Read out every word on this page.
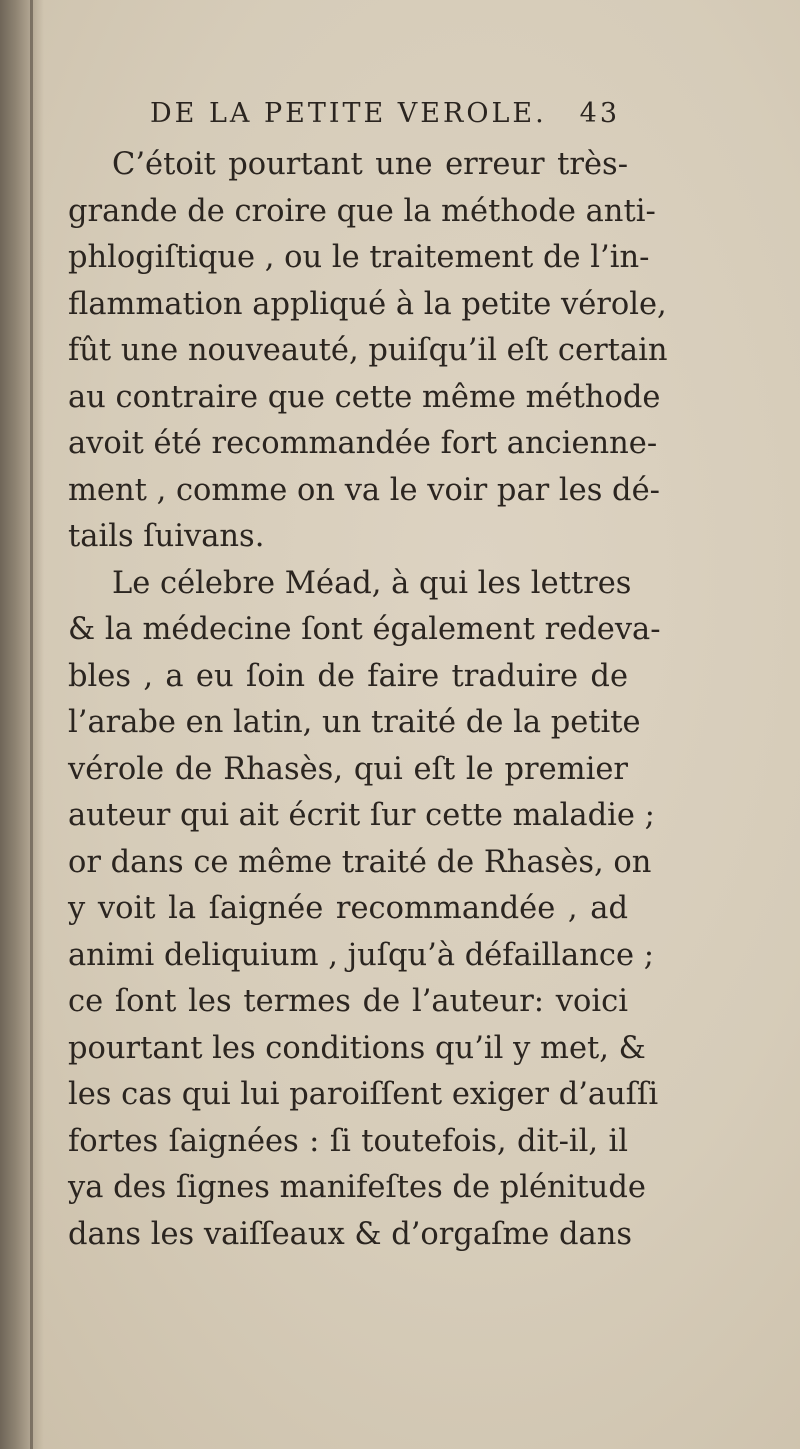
DE LA PETITE VEROLE. 43
C’étoit pourtant une erreur très-
grande de croire que la méthode anti-
phlogiſtique , ou le traitement de l’in-
flammation appliqué à la petite vérole,
fût une nouveauté, puiſqu’il eſt certain
au contraire que cette même méthode
avoit été recommandée fort ancienne-
ment , comme on va le voir par les dé-
tails ſuivans.
Le célebre Méad, à qui les lettres
& la médecine ſont également redeva-
bles , a eu ſoin de faire traduire de
l’arabe en latin, un traité de la petite
vérole de Rhasès, qui eſt le premier
auteur qui ait écrit ſur cette maladie ;
or dans ce même traité de Rhasès, on
y voit la ſaignée recommandée , ad
animi deliquium , juſqu’à défaillance ;
ce ſont les termes de l’auteur: voici
pourtant les conditions qu’il y met, &
les cas qui lui paroiſſent exiger d’auſſi
fortes ſaignées : ſi toutefois, dit-il, il
ya des ſignes manifeſtes de plénitude
dans les vaiſſeaux & d’orgaſme dans
